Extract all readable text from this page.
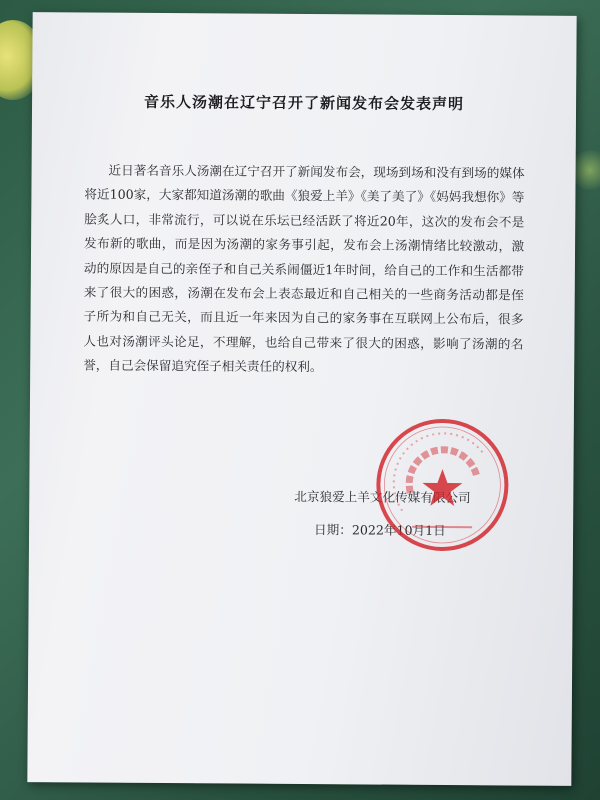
音乐人汤潮在辽宁召开了新闻发布会发表声明

近日著名音乐人汤潮在辽宁召开了新闻发布会，现场到场和没有到场的媒体将近100家，大家都知道汤潮的歌曲《狼爱上羊》《美了美了》《妈妈我想你》等脍炙人口，非常流行，可以说在乐坛已经活跃了将近20年，这次的发布会不是发布新的歌曲，而是因为汤潮的家务事引起，发布会上汤潮情绪比较激动，激动的原因是自己的亲侄子和自己关系闹僵近1年时间，给自己的工作和生活都带来了很大的困惑，汤潮在发布会上表态最近和自己相关的一些商务活动都是侄子所为和自己无关，而且近一年来因为自己的家务事在互联网上公布后，很多人也对汤潮评头论足，不理解，也给自己带来了很大的困惑，影响了汤潮的名誉，自己会保留追究侄子相关责任的权利。

北京狼爱上羊文化传媒有限公司

日期：2022年10月1日
